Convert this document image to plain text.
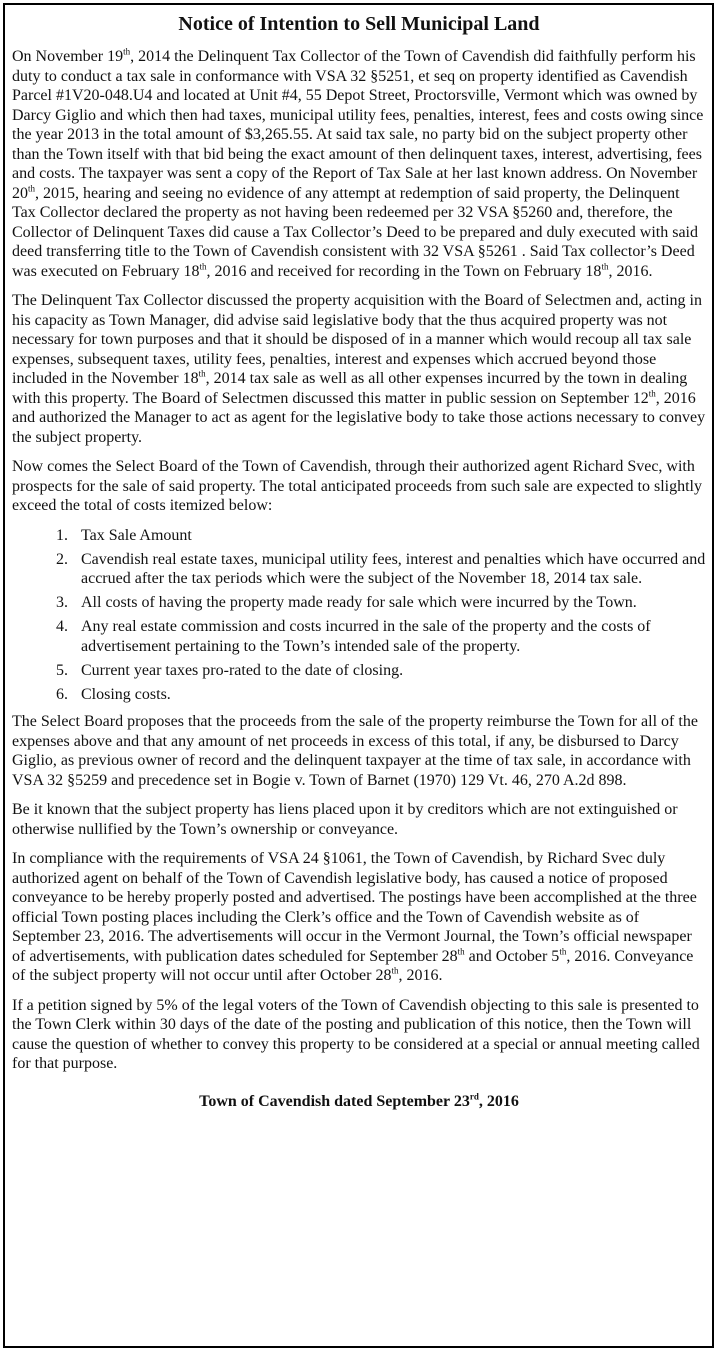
Notice of Intention to Sell Municipal Land

On November 19th, 2014 the Delinquent Tax Collector of the Town of Cavendish did faithfully perform his duty to conduct a tax sale in conformance with VSA 32 §5251, et seq on property identified as Cavendish Parcel #1V20-048.U4 and located at Unit #4, 55 Depot Street, Proctorsville, Vermont which was owned by Darcy Giglio and which then had taxes, municipal utility fees, penalties, interest, fees and costs owing since the year 2013 in the total amount of $3,265.55. At said tax sale, no party bid on the subject property other than the Town itself with that bid being the exact amount of then delinquent taxes, interest, advertising, fees and costs. The taxpayer was sent a copy of the Report of Tax Sale at her last known address. On November 20th, 2015, hearing and seeing no evidence of any attempt at redemption of said property, the Delinquent Tax Collector declared the property as not having been redeemed per 32 VSA §5260 and, therefore, the Collector of Delinquent Taxes did cause a Tax Collector’s Deed to be prepared and duly executed with said deed transferring title to the Town of Cavendish consistent with 32 VSA §5261 . Said Tax collector’s Deed was executed on February 18th, 2016 and received for recording in the Town on February 18th, 2016.

The Delinquent Tax Collector discussed the property acquisition with the Board of Selectmen and, acting in his capacity as Town Manager, did advise said legislative body that the thus acquired property was not necessary for town purposes and that it should be disposed of in a manner which would recoup all tax sale expenses, subsequent taxes, utility fees, penalties, interest and expenses which accrued beyond those included in the November 18th, 2014 tax sale as well as all other expenses incurred by the town in dealing with this property. The Board of Selectmen discussed this matter in public session on September 12th, 2016 and authorized the Manager to act as agent for the legislative body to take those actions necessary to convey the subject property.

Now comes the Select Board of the Town of Cavendish, through their authorized agent Richard Svec, with prospects for the sale of said property. The total anticipated proceeds from such sale are expected to slightly exceed the total of costs itemized below:

1. Tax Sale Amount
2. Cavendish real estate taxes, municipal utility fees, interest and penalties which have occurred and accrued after the tax periods which were the subject of the November 18, 2014 tax sale.
3. All costs of having the property made ready for sale which were incurred by the Town.
4. Any real estate commission and costs incurred in the sale of the property and the costs of advertisement pertaining to the Town’s intended sale of the property.
5. Current year taxes pro-rated to the date of closing.
6. Closing costs.

The Select Board proposes that the proceeds from the sale of the property reimburse the Town for all of the expenses above and that any amount of net proceeds in excess of this total, if any, be disbursed to Darcy Giglio, as previous owner of record and the delinquent taxpayer at the time of tax sale, in accordance with VSA 32 §5259 and precedence set in Bogie v. Town of Barnet (1970) 129 Vt. 46, 270 A.2d 898.

Be it known that the subject property has liens placed upon it by creditors which are not extinguished or otherwise nullified by the Town’s ownership or conveyance.

In compliance with the requirements of VSA 24 §1061, the Town of Cavendish, by Richard Svec duly authorized agent on behalf of the Town of Cavendish legislative body, has caused a notice of proposed conveyance to be hereby properly posted and advertised. The postings have been accomplished at the three official Town posting places including the Clerk’s office and the Town of Cavendish website as of September 23, 2016. The advertisements will occur in the Vermont Journal, the Town’s official newspaper of advertisements, with publication dates scheduled for September 28th and October 5th, 2016. Conveyance of the subject property will not occur until after October 28th, 2016.

If a petition signed by 5% of the legal voters of the Town of Cavendish objecting to this sale is presented to the Town Clerk within 30 days of the date of the posting and publication of this notice, then the Town will cause the question of whether to convey this property to be considered at a special or annual meeting called for that purpose.

Town of Cavendish dated September 23rd, 2016
